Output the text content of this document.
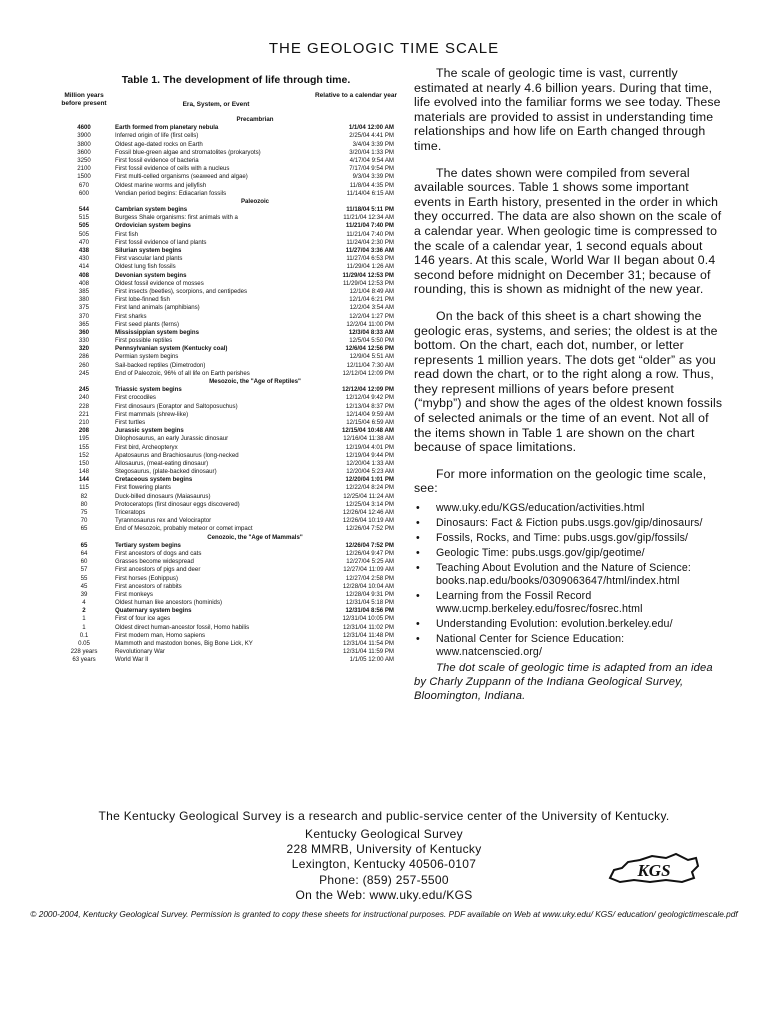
THE GEOLOGIC TIME SCALE
Table 1. The development of life through time.
Million years before present	Era, System, or Event
Relative to a calendar year
Precambrian
4600	Earth formed from planetary nebula	1/1/04 12:00 AM
3900	Inferred origin of life (first cells)	2/25/04 4:41 PM
3800	Oldest age-dated rocks on Earth	3/4/04 3:39 PM
3600	Fossil blue-green algae and stromatolites (prokaryots)	3/20/04 1:33 PM
3250	First fossil evidence of bacteria	4/17/04 9:54 AM
2100	First fossil evidence of cells with a nucleus	7/17/04 9:54 PM
1500	First multi-celled organisms (seaweed and algae)	9/3/04 3:39 PM
670	Oldest marine worms and jellyfish	11/8/04 4:35 PM
600	Vendian period begins: Ediacarian fossils	11/14/04 6:15 AM
Paleozoic
544	Cambrian system begins	11/18/04 5:11 PM
515	Burgess Shale organisms: first animals with a	11/21/04 12:34 AM
505	Ordovician system begins	11/21/04 7:40 PM
505	First fish	11/21/04 7:40 PM
470	First fossil evidence of land plants	11/24/04 2:30 PM
438	Silurian system begins	11/27/04 3:36 AM
430	First vascular land plants	11/27/04 6:53 PM
414	Oldest lung fish fossils	11/29/04 1:26 AM
408	Devonian system begins	11/29/04 12:53 PM
408	Oldest fossil evidence of mosses	11/29/04 12:53 PM
385	First insects (beetles), scorpions, and centipedes	12/1/04 8:49 AM
380	First lobe-finned fish	12/1/04 6:21 PM
375	First land animals (amphibians)	12/2/04 3:54 AM
370	First sharks	12/2/04 1:27 PM
365	First seed plants (ferns)	12/2/04 11:00 PM
360	Mississippian system begins	12/3/04 8:33 AM
330	First possible reptiles	12/5/04 5:50 PM
320	Pennsylvanian system (Kentucky coal)	12/6/04 12:56 PM
286	Permian system begins	12/9/04 5:51 AM
260	Sail-backed reptiles (Dimetrodon)	12/11/04 7:30 AM
245	End of Paleozoic, 96% of all life on Earth perishes	12/12/04 12:09 PM
Mesozoic, the "Age of Reptiles"
245	Triassic system begins	12/12/04 12:09 PM
240	First crocodiles	12/12/04 9:42 PM
228	First dinosaurs (Eoraptor and Saltoposuchus)	12/13/04 8:37 PM
221	First mammals (shrew-like)	12/14/04 9:59 AM
210	First turtles	12/15/04 6:59 AM
208	Jurassic system begins	12/15/04 10:48 AM
195	Dilophosaurus, an early Jurassic dinosaur	12/16/04 11:38 AM
155	First bird, Archeopteryx	12/19/04 4:01 PM
152	Apatosaurus and Brachiosaurus (long-necked	12/19/04 9:44 PM
150	Allosaurus, (meat-eating dinosaur)	12/20/04 1:33 AM
148	Stegosaurus, (plate-backed dinosaur)	12/20/04 5:23 AM
144	Cretaceous system begins	12/20/04 1:01 PM
115	First flowering plants	12/22/04 8:24 PM
82	Duck-billed dinosaurs (Maiasaurus)	12/25/04 11:24 AM
80	Protoceratops (first dinosaur eggs discovered)	12/25/04 3:14 PM
75	Triceratops	12/26/04 12:46 AM
70	Tyrannosaurus rex and Velociraptor	12/26/04 10:19 AM
65	End of Mesozoic, probably meteor or comet impact	12/26/04 7:52 PM
Cenozoic, the "Age of Mammals"
65	Tertiary system begins	12/26/04 7:52 PM
64	First ancestors of dogs and cats	12/26/04 9:47 PM
60	Grasses become widespread	12/27/04 5:25 AM
57	First ancestors of pigs and deer	12/27/04 11:09 AM
55	First horses (Eohippus)	12/27/04 2:58 PM
45	First ancestors of rabbits	12/28/04 10:04 AM
39	First monkeys	12/28/04 9:31 PM
4	Oldest human like ancestors (hominids)	12/31/04 5:18 PM
2	Quaternary system begins	12/31/04 8:56 PM
1	First of four ice ages	12/31/04 10:05 PM
1	Oldest direct human-ancestor fossil, Homo habilis	12/31/04 11:02 PM
0.1	First modern man, Homo sapiens	12/31/04 11:48 PM
0.05	Mammoth and mastodon bones, Big Bone Lick, KY	12/31/04 11:54 PM
228 years	Revolutionary War	12/31/04 11:59 PM
63 years	World War II	1/1/05 12:00 AM

The scale of geologic time is vast, currently estimated at nearly 4.6 billion years. During that time, life evolved into the familiar forms we see today. These materials are provided to assist in understanding time relationships and how life on Earth changed through time.

The dates shown were compiled from several available sources. Table 1 shows some important events in Earth history, presented in the order in which they occurred. The data are also shown on the scale of a calendar year. When geologic time is compressed to the scale of a calendar year, 1 second equals about 146 years. At this scale, World War II began about 0.4 second before midnight on December 31; because of rounding, this is shown as midnight of the new year.

On the back of this sheet is a chart showing the geologic eras, systems, and series; the oldest is at the bottom. On the chart, each dot, number, or letter represents 1 million years. The dots get “older” as you read down the chart, or to the right along a row. Thus, they represent millions of years before present (“mybp”) and show the ages of the oldest known fossils of selected animals or the time of an event. Not all of the items shown in Table 1 are shown on the chart because of space limitations.

For more information on the geologic time scale, see:

• www.uky.edu/KGS/education/activities.html
• Dinosaurs: Fact & Fiction pubs.usgs.gov/gip/dinosaurs/
• Fossils, Rocks, and Time: pubs.usgs.gov/gip/fossils/
• Geologic Time: pubs.usgs.gov/gip/geotime/
• Teaching About Evolution and the Nature of Science: books.nap.edu/books/0309063647/html/index.html
• Learning from the Fossil Record www.ucmp.berkeley.edu/fosrec/fosrec.html
• Understanding Evolution: evolution.berkeley.edu/
• National Center for Science Education: www.natcenscied.org/

The dot scale of geologic time is adapted from an idea by Charly Zuppann of the Indiana Geological Survey, Bloomington, Indiana.

The Kentucky Geological Survey is a research and public-service center of the University of Kentucky.
Kentucky Geological Survey
228 MMRB, University of Kentucky
Lexington, Kentucky 40506-0107
Phone: (859) 257-5500
On the Web: www.uky.edu/KGS
KGS
© 2000-2004, Kentucky Geological Survey. Permission is granted to copy these sheets for instructional purposes. PDF available on Web at www.uky.edu/ KGS/ education/ geologictimescale.pdf
